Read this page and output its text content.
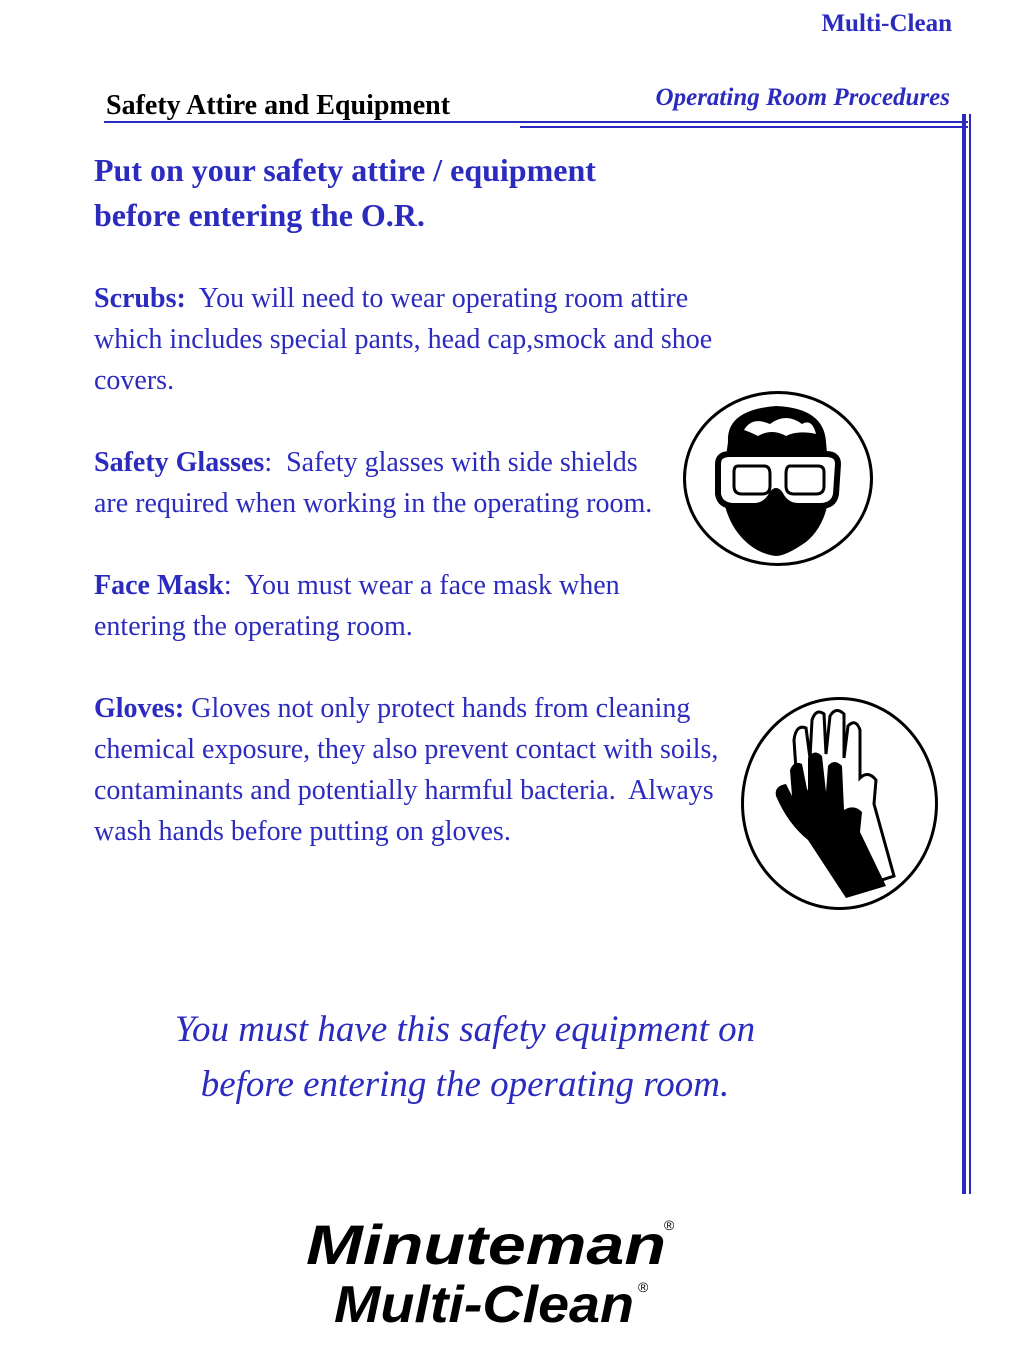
Multi-Clean
Operating Room Procedures
Safety Attire and Equipment
Put on your safety attire / equipment
before entering the O.R.

Scrubs:  You will need to wear operating room attire which includes special pants, head cap,smock and shoe covers.

Safety Glasses:  Safety glasses with side shields are required when working in the operating room.

Face Mask:  You must wear a face mask when entering the operating room.

Gloves: Gloves not only protect hands from cleaning chemical exposure, they also prevent contact with soils, contaminants and potentially harmful bacteria.  Always wash hands before putting on gloves.

You must have this safety equipment on
before entering the operating room.
Minuteman
®
Multi-Clean ®
